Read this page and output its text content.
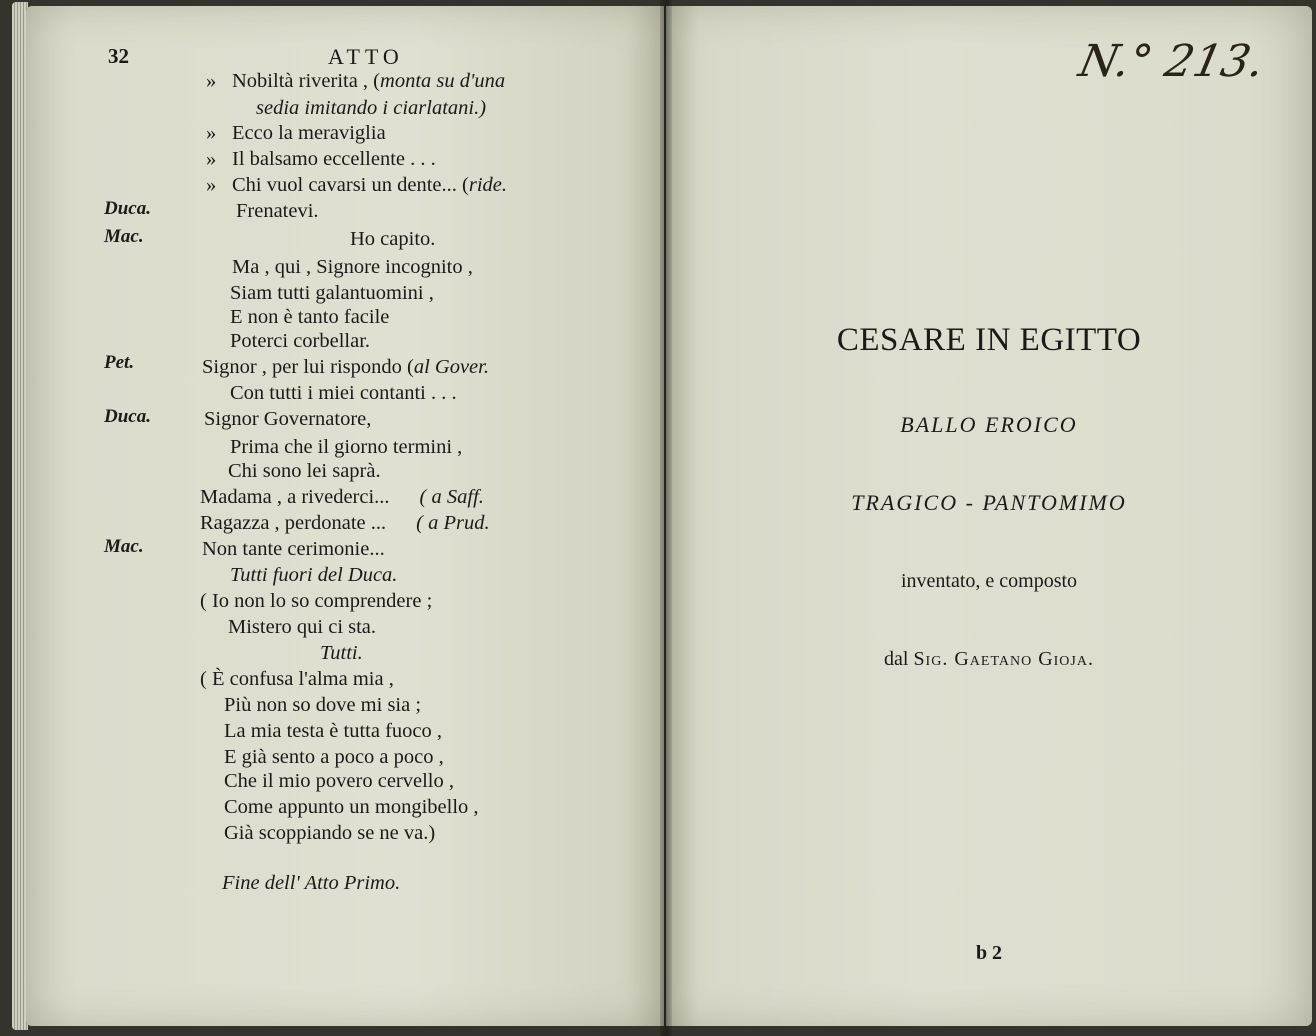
32	ATTO
» Nobiltà riverita , (monta su d'una
sedia imitando i ciarlatani.)
» Ecco la meraviglia
» Il balsamo eccellente . . .
» Chi vuol cavarsi un dente... (ride.
Duca.	Frenatevi.
Mac.	Ho capito.
Ma , qui , Signore incognito ,
Siam tutti galantuomini ,
E non è tanto facile
Poterci corbellar.
Pet.	Signor , per lui rispondo (al Gover.
Con tutti i miei contanti . . .
Duca.	Signor Governatore,
Prima che il giorno termini ,
Chi sono lei saprà.
Madama , a rivederci... ( a Saff.
Ragazza , perdonate ... ( a Prud.
Mac.	Non tante cerimonie...
Tutti fuori del Duca.
( Io non lo so comprendere ;
Mistero qui ci sta.
Tutti.
( È confusa l'alma mia ,
Più non so dove mi sia ;
La mia testa è tutta fuoco ,
E già sento a poco a poco ,
Che il mio povero cervello ,
Come appunto un mongibello ,
Già scoppiando se ne va.)
Fine dell' Atto Primo.
CESARE IN EGITTO
BALLO EROICO
TRAGICO - PANTOMIMO
inventato, e composto
dal Sig. Gaetano Gioja.
b 2
N.° 213.
